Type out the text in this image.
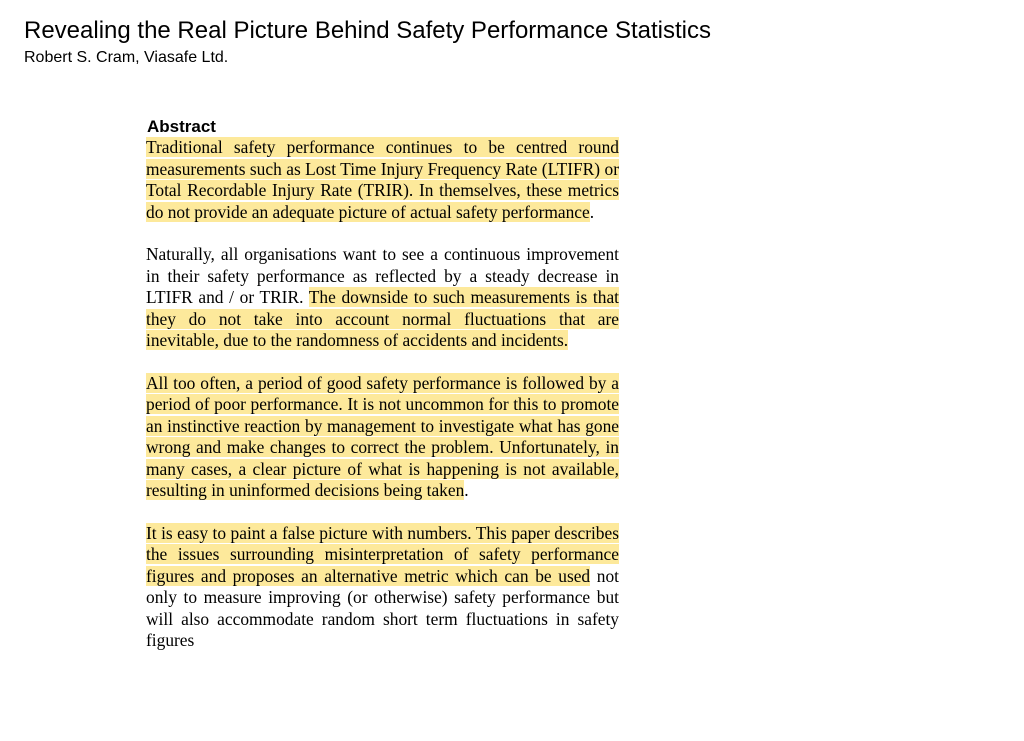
Revealing the Real Picture Behind Safety Performance Statistics
Robert S. Cram, Viasafe Ltd.
Abstract

Traditional safety performance continues to be centred round measurements such as Lost Time Injury Frequency Rate (LTIFR) or Total Recordable Injury Rate (TRIR). In themselves, these metrics do not provide an adequate picture of actual safety performance.

Naturally, all organisations want to see a continuous improvement in their safety performance as reflected by a steady decrease in LTIFR and / or TRIR. The downside to such measurements is that they do not take into account normal fluctuations that are inevitable, due to the randomness of accidents and incidents.

All too often, a period of good safety performance is followed by a period of poor performance. It is not uncommon for this to promote an instinctive reaction by management to investigate what has gone wrong and make changes to correct the problem. Unfortunately, in many cases, a clear picture of what is happening is not available, resulting in uninformed decisions being taken.

It is easy to paint a false picture with numbers. This paper describes the issues surrounding misinterpretation of safety performance figures and proposes an alternative metric which can be used not only to measure improving (or otherwise) safety performance but will also accommodate random short term fluctuations in safety figures
